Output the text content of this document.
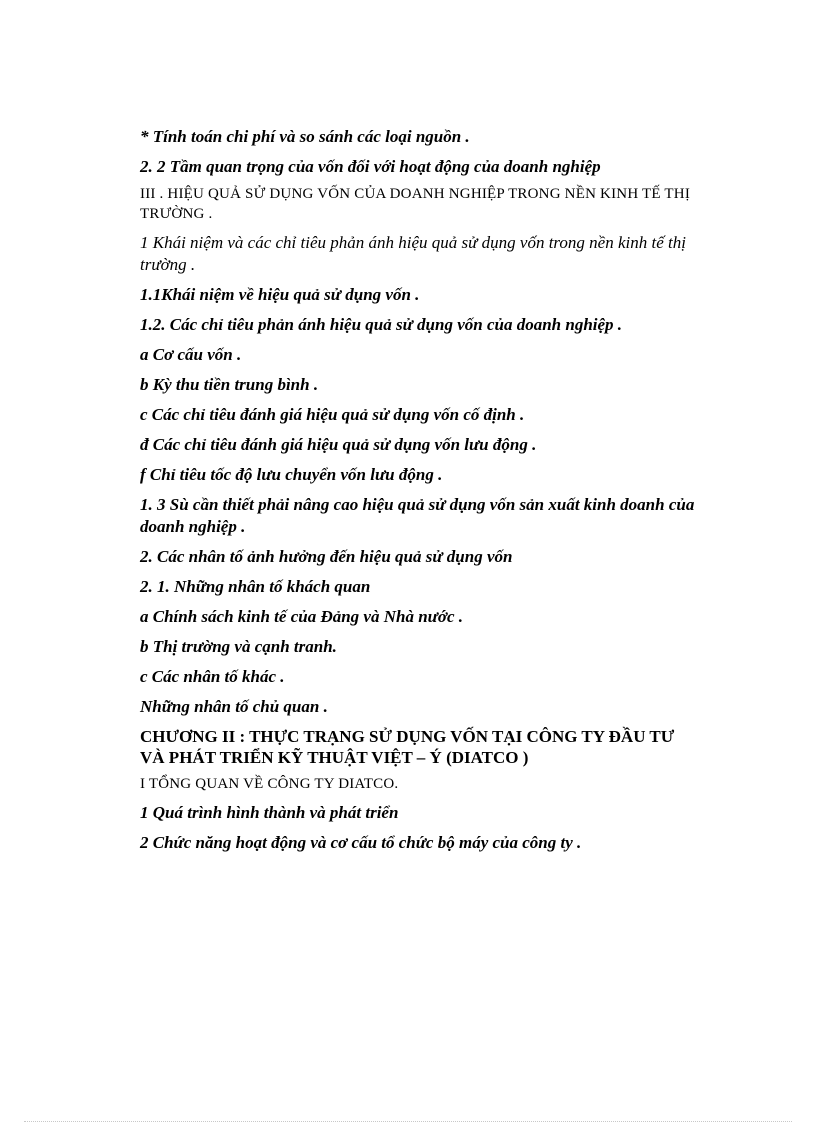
* Tính toán chi phí và so sánh các loại nguồn .

2. 2 Tầm quan trọng của vốn đối với hoạt động của doanh nghiệp

III . HIỆU QUẢ SỬ DỤNG VỐN CỦA DOANH NGHIỆP TRONG NỀN KINH TẾ THỊ TRƯỜNG .

1 Khái niệm và các chỉ tiêu phản ánh hiệu quả sử dụng vốn trong nền kinh tế thị trường .

1.1Khái niệm về hiệu quả sử dụng vốn .

1.2. Các chỉ tiêu phản ánh hiệu quả sử dụng vốn của doanh nghiệp .

a Cơ cấu vốn .

b Kỳ thu tiền trung bình .

c Các chỉ tiêu đánh giá hiệu quả sử dụng vốn cố định .

đ Các chỉ tiêu đánh giá hiệu quả sử dụng vốn lưu động .

f Chỉ tiêu tốc độ lưu chuyển vốn lưu động .

1. 3 Sù cần thiết phải nâng cao hiệu quả sử dụng vốn sản xuất kinh doanh của doanh nghiệp .

2. Các nhân tố ảnh hưởng đến hiệu quả sử dụng vốn

2. 1. Những nhân tố khách quan

a Chính sách kinh tế của Đảng và Nhà nước .

b Thị trường và cạnh tranh.

c Các nhân tố khác .

Những nhân tố chủ quan .

CHƯƠNG II : THỰC TRẠNG SỬ DỤNG VỐN TẠI CÔNG TY ĐẦU TƯ VÀ PHÁT TRIỂN KỸ THUẬT VIỆT – Ý (DIATCO )

I TỔNG QUAN VỀ CÔNG TY DIATCO.

1 Quá trình hình thành và phát triển

2 Chức năng hoạt động và cơ cấu tổ chức bộ máy của công ty .
